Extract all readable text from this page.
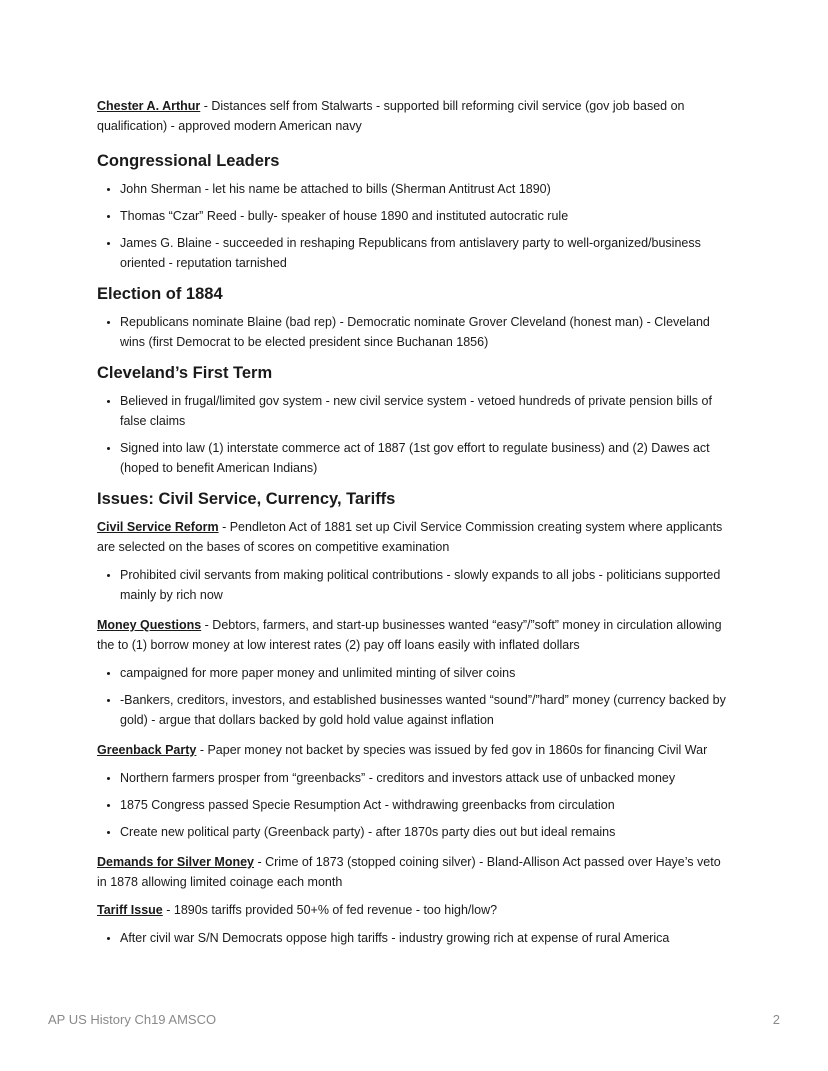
Chester A. Arthur - Distances self from Stalwarts - supported bill reforming civil service (gov job based on qualification) - approved modern American navy

Congressional Leaders
• John Sherman - let his name be attached to bills (Sherman Antitrust Act 1890)
• Thomas “Czar” Reed - bully- speaker of house 1890 and instituted autocratic rule
• James G. Blaine - succeeded in reshaping Republicans from antislavery party to well-organized/business oriented - reputation tarnished
Election of 1884
• Republicans nominate Blaine (bad rep) - Democratic nominate Grover Cleveland (honest man) - Cleveland wins (first Democrat to be elected president since Buchanan 1856)
Cleveland’s First Term
• Believed in frugal/limited gov system - new civil service system - vetoed hundreds of private pension bills of false claims
• Signed into law (1) interstate commerce act of 1887 (1st gov effort to regulate business) and (2) Dawes act (hoped to benefit American Indians)
Issues: Civil Service, Currency, Tariffs

Civil Service Reform - Pendleton Act of 1881 set up Civil Service Commission creating system where applicants are selected on the bases of scores on competitive examination

• Prohibited civil servants from making political contributions - slowly expands to all jobs - politicians supported mainly by rich now

Money Questions - Debtors, farmers, and start-up businesses wanted “easy”/”soft” money in circulation allowing the to (1) borrow money at low interest rates (2) pay off loans easily with inflated dollars

• campaigned for more paper money and unlimited minting of silver coins
• -Bankers, creditors, investors, and established businesses wanted “sound”/”hard” money (currency backed by gold) - argue that dollars backed by gold hold value against inflation

Greenback Party - Paper money not backet by species was issued by fed gov in 1860s for financing Civil War

• Northern farmers prosper from “greenbacks” - creditors and investors attack use of unbacked money
• 1875 Congress passed Specie Resumption Act - withdrawing greenbacks from circulation
• Create new political party (Greenback party) - after 1870s party dies out but ideal remains

Demands for Silver Money - Crime of 1873 (stopped coining silver) - Bland-Allison Act passed over Haye’s veto in 1878 allowing limited coinage each month

Tariff Issue - 1890s tariffs provided 50+% of fed revenue - too high/low?

• After civil war S/N Democrats oppose high tariffs - industry growing rich at expense of rural America
AP US History Ch19 AMSCO	2
